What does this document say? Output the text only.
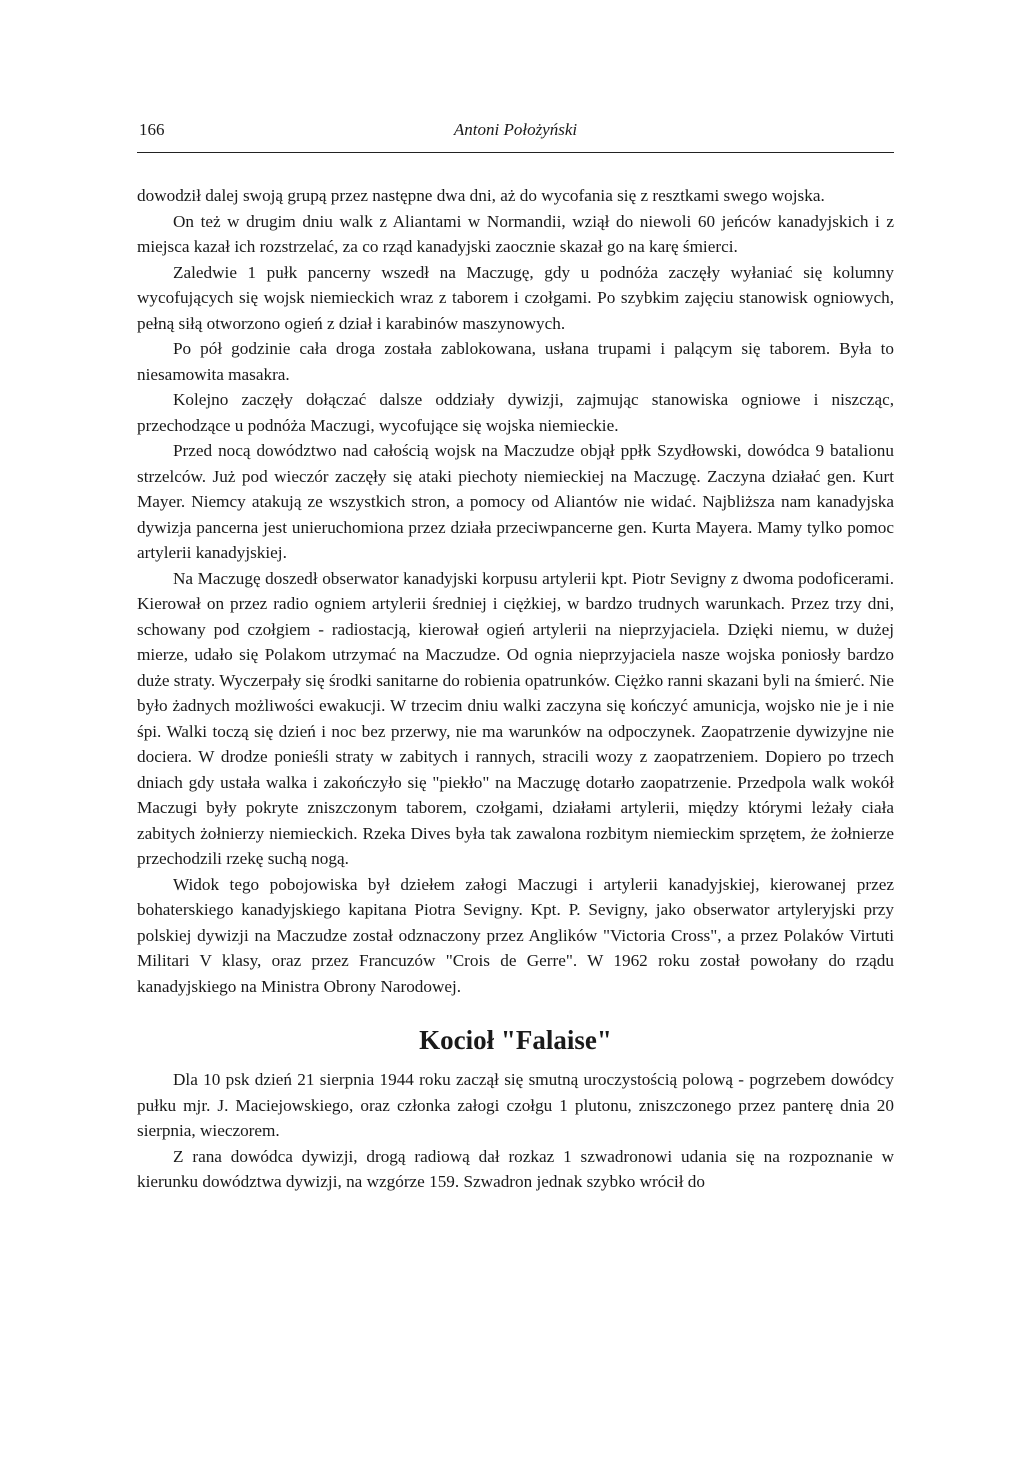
166	Antoni Położyński

dowodził dalej swoją grupą przez następne dwa dni, aż do wycofania się z resztkami swego wojska.

On też w drugim dniu walk z Aliantami w Normandii, wziął do niewoli 60 jeńców kanadyjskich i z miejsca kazał ich rozstrzelać, za co rząd kanadyjski zaocznie skazał go na karę śmierci.

Zaledwie 1 pułk pancerny wszedł na Maczugę, gdy u podnóża zaczęły wyłaniać się kolumny wycofujących się wojsk niemieckich wraz z taborem i czołgami. Po szybkim zajęciu stanowisk ogniowych, pełną siłą otworzono ogień z dział i karabinów maszynowych.

Po pół godzinie cała droga została zablokowana, usłana trupami i palącym się taborem. Była to niesamowita masakra.

Kolejno zaczęły dołączać dalsze oddziały dywizji, zajmując stanowiska ogniowe i niszcząc, przechodzące u podnóża Maczugi, wycofujące się wojska niemieckie.

Przed nocą dowództwo nad całością wojsk na Maczudze objął ppłk Szydłowski, dowódca 9 batalionu strzelców. Już pod wieczór zaczęły się ataki piechoty niemieckiej na Maczugę. Zaczyna działać gen. Kurt Mayer. Niemcy atakują ze wszystkich stron, a pomocy od Aliantów nie widać. Najbliższa nam kanadyjska dywizja pancerna jest unieruchomiona przez działa przeciwpancerne gen. Kurta Mayera. Mamy tylko pomoc artylerii kanadyjskiej.

Na Maczugę doszedł obserwator kanadyjski korpusu artylerii kpt. Piotr Sevigny z dwoma podoficerami. Kierował on przez radio ogniem artylerii średniej i ciężkiej, w bardzo trudnych warunkach. Przez trzy dni, schowany pod czołgiem - radiostacją, kierował ogień artylerii na nieprzyjaciela. Dzięki niemu, w dużej mierze, udało się Polakom utrzymać na Maczudze. Od ognia nieprzyjaciela nasze wojska poniosły bardzo duże straty. Wyczerpały się środki sanitarne do robienia opatrunków. Ciężko ranni skazani byli na śmierć. Nie było żadnych możliwości ewakucji. W trzecim dniu walki zaczyna się kończyć amunicja, wojsko nie je i nie śpi. Walki toczą się dzień i noc bez przerwy, nie ma warunków na odpoczynek. Zaopatrzenie dywizyjne nie dociera. W drodze ponieśli straty w zabitych i rannych, stracili wozy z zaopatrzeniem. Dopiero po trzech dniach gdy ustała walka i zakończyło się "piekło" na Maczugę dotarło zaopatrzenie. Przedpola walk wokół Maczugi były pokryte zniszczonym taborem, czołgami, działami artylerii, między którymi leżały ciała zabitych żołnierzy niemieckich. Rzeka Dives była tak zawalona rozbitym niemieckim sprzętem, że żołnierze przechodzili rzekę suchą nogą.

Widok tego pobojowiska był dziełem załogi Maczugi i artylerii kanadyjskiej, kierowanej przez bohaterskiego kanadyjskiego kapitana Piotra Sevigny. Kpt. P. Sevigny, jako obserwator artyleryjski przy polskiej dywizji na Maczudze został odznaczony przez Anglików "Victoria Cross", a przez Polaków Virtuti Militari V klasy, oraz przez Francuzów "Crois de Gerre". W 1962 roku został powołany do rządu kanadyjskiego na Ministra Obrony Narodowej.

Kocioł "Falaise"

Dla 10 psk dzień 21 sierpnia 1944 roku zaczął się smutną uroczystością polową - pogrzebem dowódcy pułku mjr. J. Maciejowskiego, oraz członka załogi czołgu 1 plutonu, zniszczonego przez panterę dnia 20 sierpnia, wieczorem.

Z rana dowódca dywizji, drogą radiową dał rozkaz 1 szwadronowi udania się na rozpoznanie w kierunku dowództwa dywizji, na wzgórze 159. Szwadron jednak szybko wrócił do
